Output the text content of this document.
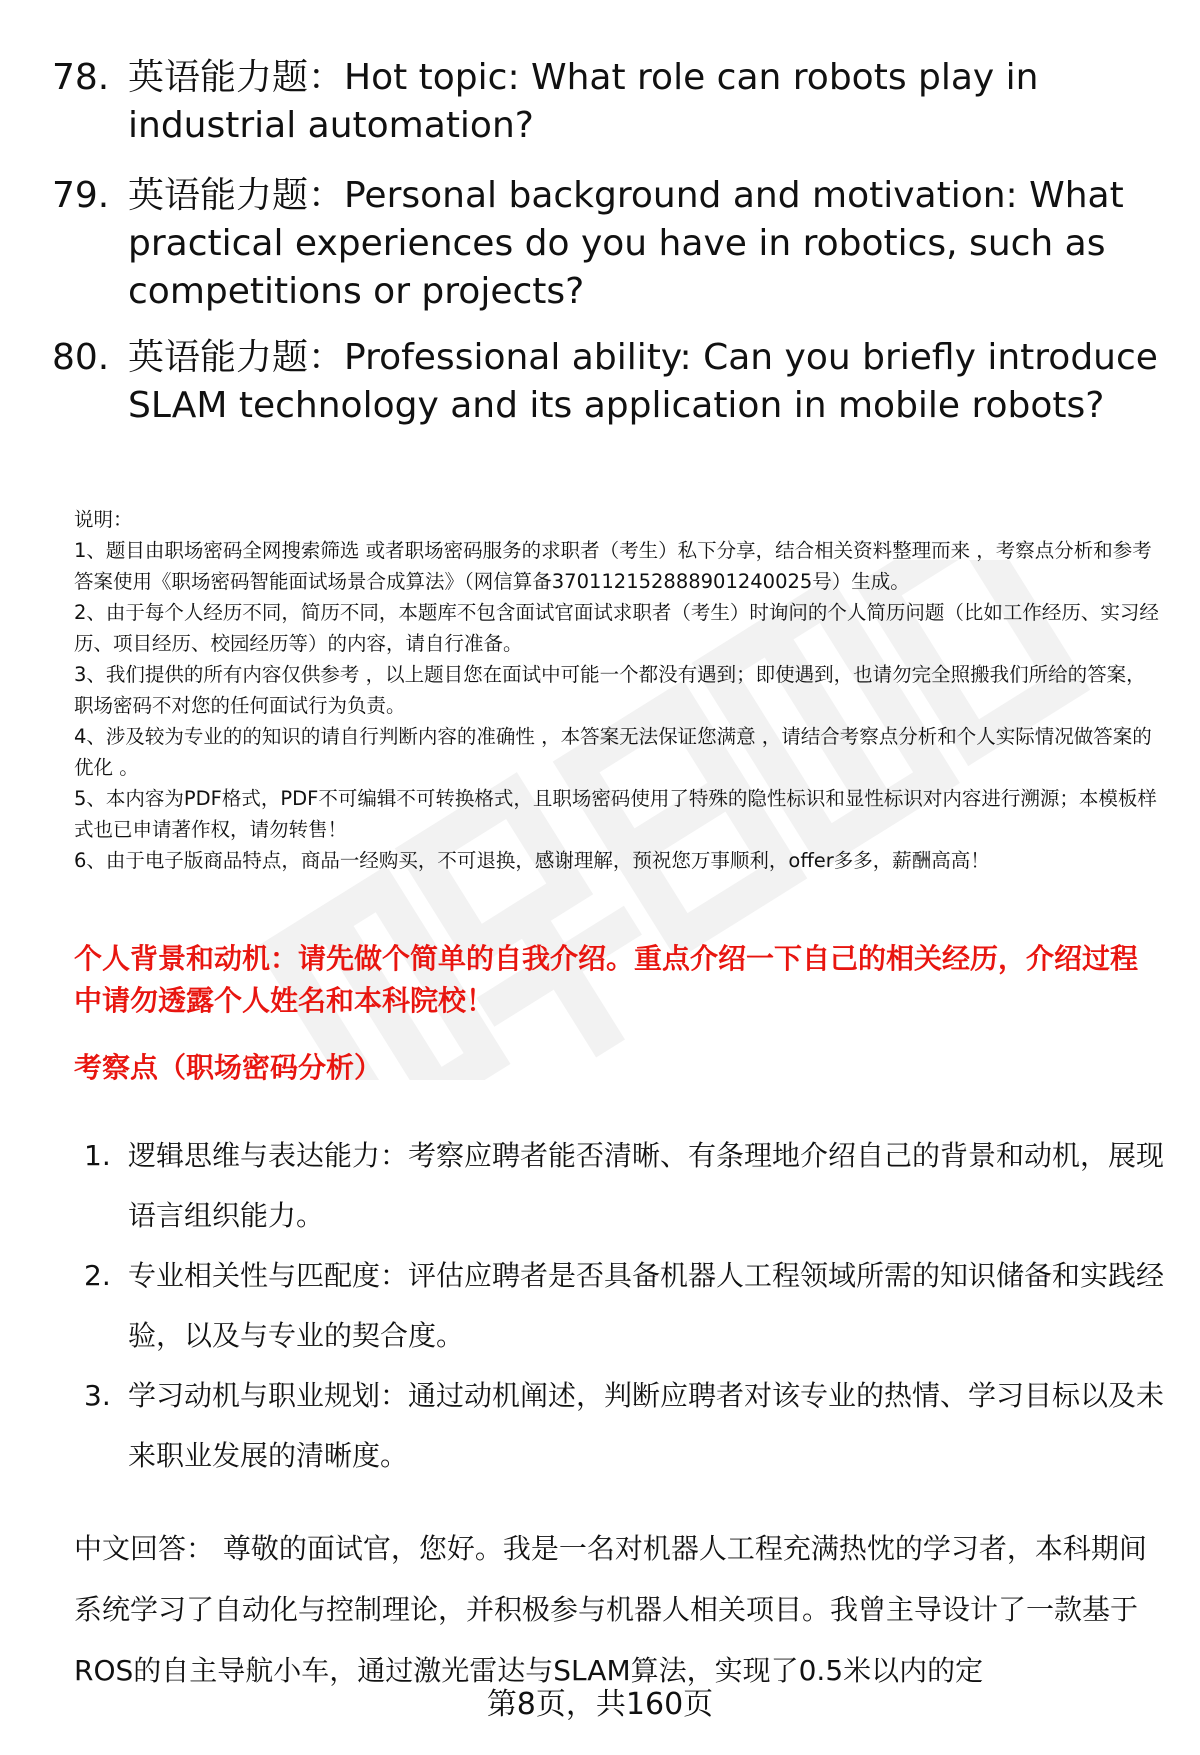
78. 英语能力题：Hot topic: What role can robots play in industrial automation?
79. 英语能力题：Personal background and motivation: What practical experiences do you have in robotics, such as competitions or projects?
80. 英语能力题：Professional ability: Can you briefly introduce SLAM technology and its application in mobile robots?
说明：
1、题目由职场密码全网搜索筛选 或者职场密码服务的求职者（考生）私下分享，结合相关资料整理而来 ，考察点分析和参考答案使用《职场密码智能面试场景合成算法》（网信算备370112152888901240025号）生成。
2、由于每个人经历不同，简历不同，本题库不包含面试官面试求职者（考生）时询问的个人简历问题（比如工作经历、实习经历、项目经历、校园经历等）的内容，请自行准备。
3、我们提供的所有内容仅供参考 ，以上题目您在面试中可能一个都没有遇到；即使遇到，也请勿完全照搬我们所给的答案，职场密码不对您的任何面试行为负责。
4、涉及较为专业的的知识的请自行判断内容的准确性 ，本答案无法保证您满意 ，请结合考察点分析和个人实际情况做答案的优化 。
5、本内容为PDF格式，PDF不可编辑不可转换格式，且职场密码使用了特殊的隐性标识和显性标识对内容进行溯源；本模板样式也已申请著作权，请勿转售！
6、由于电子版商品特点，商品一经购买，不可退换，感谢理解，预祝您万事顺利，offer多多，薪酬高高！
个人背景和动机：请先做个简单的自我介绍。重点介绍一下自己的相关经历，介绍过程中请勿透露个人姓名和本科院校！
考察点（职场密码分析）
1. 逻辑思维与表达能力：考察应聘者能否清晰、有条理地介绍自己的背景和动机，展现语言组织能力。
2. 专业相关性与匹配度：评估应聘者是否具备机器人工程领域所需的知识储备和实践经验，以及与专业的契合度。
3. 学习动机与职业规划：通过动机阐述，判断应聘者对该专业的热情、学习目标以及未来职业发展的清晰度。
中文回答： 尊敬的面试官，您好。我是一名对机器人工程充满热忱的学习者，本科期间系统学习了自动化与控制理论，并积极参与机器人相关项目。我曾主导设计了一款基于ROS的自主导航小车，通过激光雷达与SLAM算法，实现了0.5米以内的定
第8页，共160页
